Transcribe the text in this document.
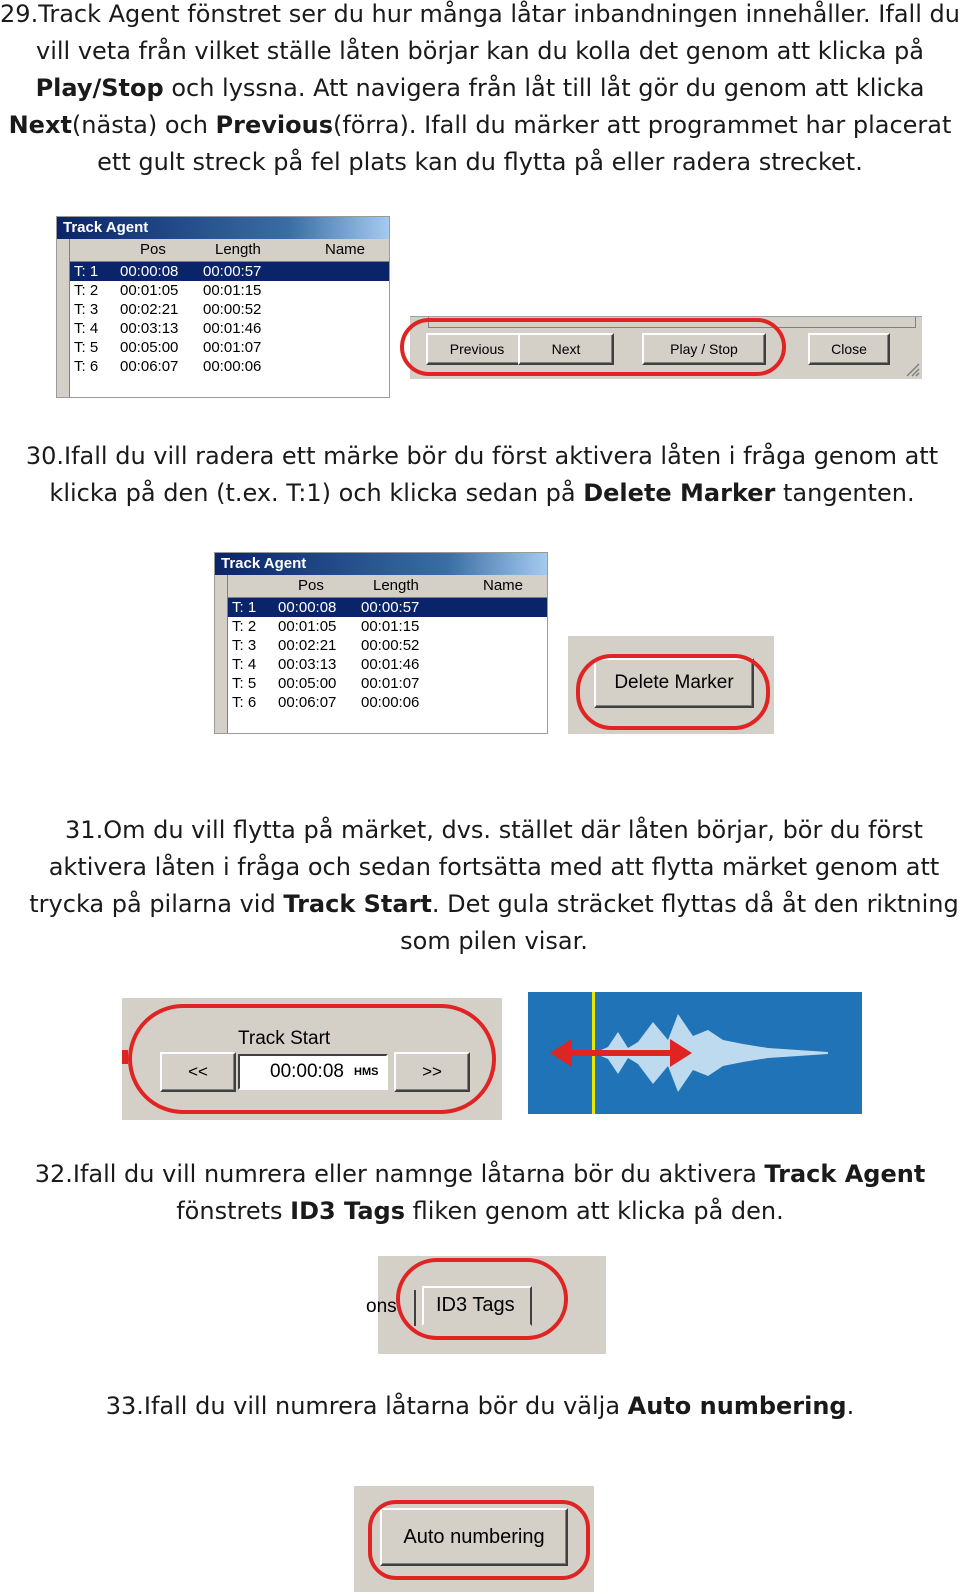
29.Track Agent fönstret ser du hur många låtar inbandningen innehåller. Ifall du vill veta från vilket ställe låten börjar kan du kolla det genom att klicka på Play/Stop och lyssna. Att navigera från låt till låt gör du genom att klicka Next(nästa) och Previous(förra). Ifall du märker att programmet har placerat ett gult streck på fel plats kan du flytta på eller radera strecket.
Track Agent
Pos	Length	Name
T: 1 00:00:08 00:00:57
T: 2 00:01:05 00:01:15
T: 3 00:02:21 00:00:52
T: 4 00:03:13 00:01:46
T: 5 00:05:00 00:01:07
T: 6 00:06:07 00:00:06
Previous	Next	Play / Stop	Close
30.Ifall du vill radera ett märke bör du först aktivera låten i fråga genom att klicka på den (t.ex. T:1) och klicka sedan på Delete Marker tangenten.
Track Agent
Pos	Length	Name
T: 1 00:00:08 00:00:57
T: 2 00:01:05 00:01:15
T: 3 00:02:21 00:00:52
T: 4 00:03:13 00:01:46
T: 5 00:05:00 00:01:07
T: 6 00:06:07 00:00:06
Delete Marker
31.Om du vill flytta på märket, dvs. stället där låten börjar, bör du först aktivera låten i fråga och sedan fortsätta med att flytta märket genom att trycka på pilarna vid Track Start. Det gula sträcket flyttas då åt den riktning som pilen visar.
Track Start
<<	00:00:08 HMS	>>
32.Ifall du vill numrera eller namnge låtarna bör du aktivera Track Agent fönstrets ID3 Tags fliken genom att klicka på den.
ons ID3 Tags
33.Ifall du vill numrera låtarna bör du välja Auto numbering.
Auto numbering
